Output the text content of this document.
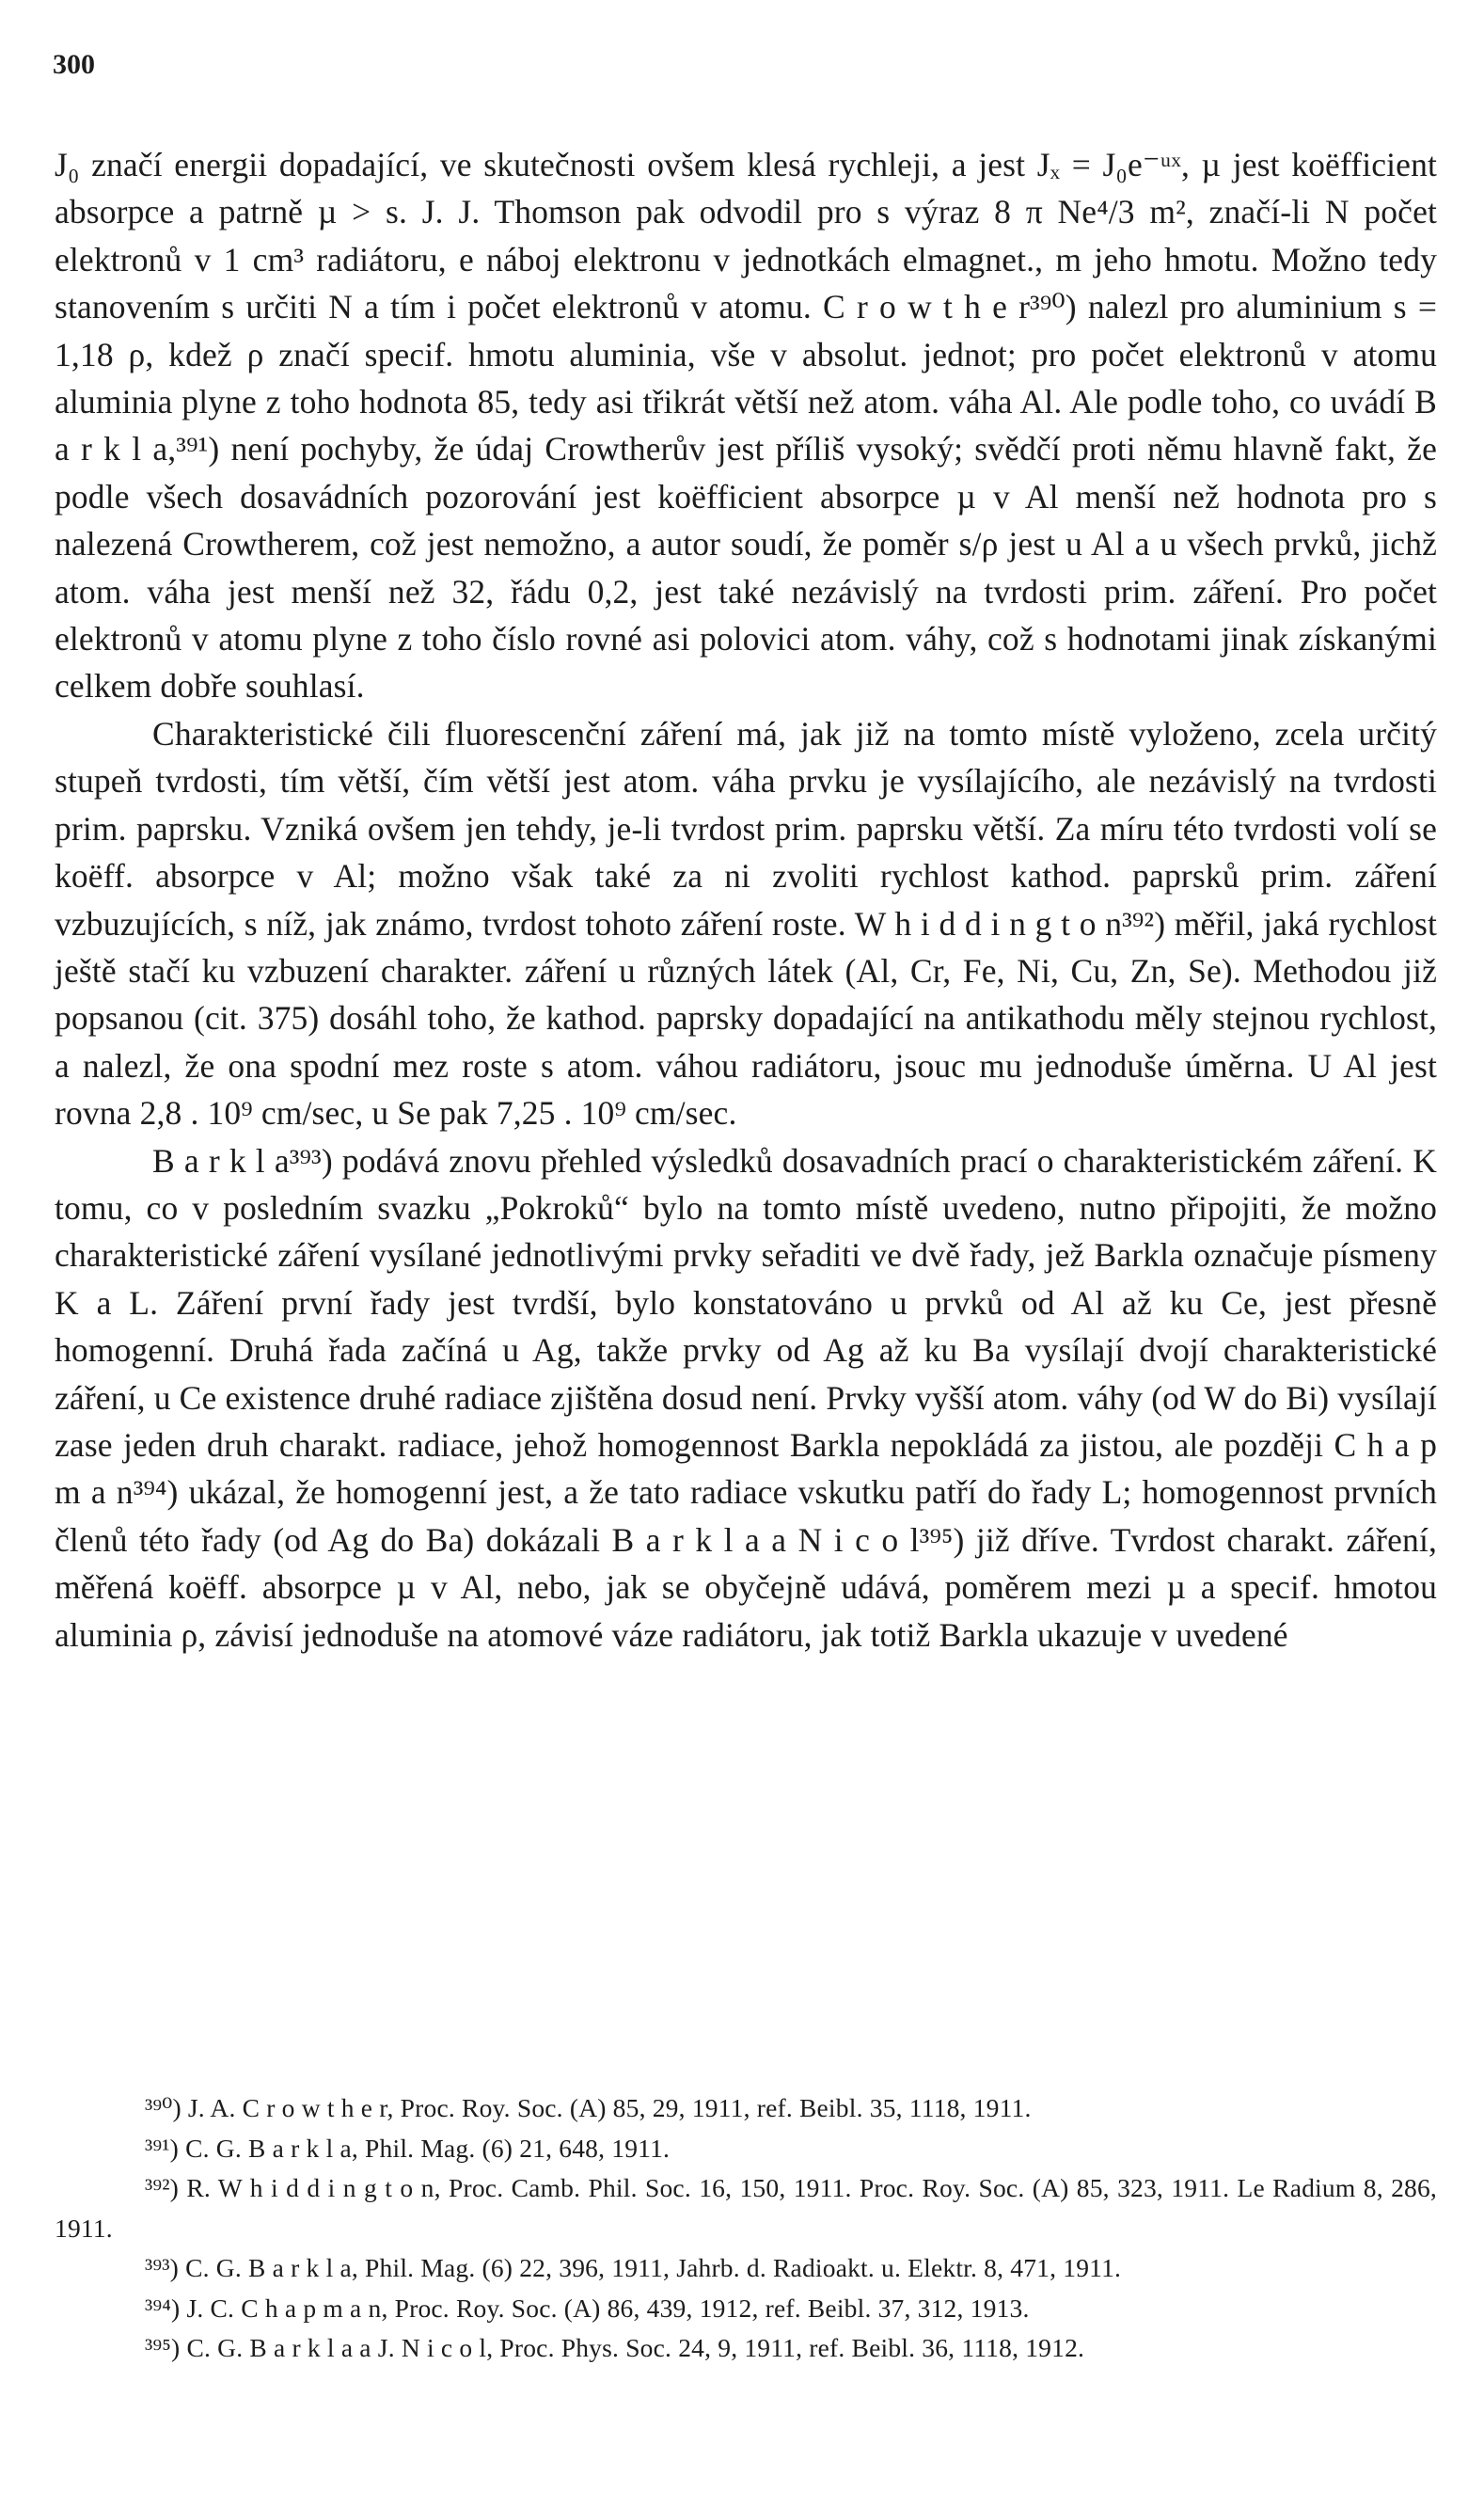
300

J₀ značí energii dopadající, ve skutečnosti ovšem klesá rychleji, a jest Jₓ = J₀e⁻ᵘˣ, µ jest koëfficient absorpce a patrně µ > s. J. J. Thomson pak odvodil pro s výraz 8 π Ne⁴/3 m², značí-li N počet elektronů v 1 cm³ radiátoru, e náboj elektronu v jednotkách elmagnet., m jeho hmotu. Možno tedy stanovením s určiti N a tím i počet elektronů v atomu. C r o w t h e r³⁹⁰) nalezl pro aluminium s = 1,18 ρ, kdež ρ značí specif. hmotu aluminia, vše v absolut. jednot; pro počet elektronů v atomu aluminia plyne z toho hodnota 85, tedy asi třikrát větší než atom. váha Al. Ale podle toho, co uvádí B a r k l a,³⁹¹) není pochyby, že údaj Crowtherův jest příliš vysoký; svědčí proti němu hlavně fakt, že podle všech dosavádních pozorování jest koëfficient absorpce µ v Al menší než hodnota pro s nalezená Crowtherem, což jest nemožno, a autor soudí, že poměr s/ρ jest u Al a u všech prvků, jichž atom. váha jest menší než 32, řádu 0,2, jest také nezávislý na tvrdosti prim. záření. Pro počet elektronů v atomu plyne z toho číslo rovné asi polovici atom. váhy, což s hodnotami jinak získanými celkem dobře souhlasí.

Charakteristické čili fluorescenční záření má, jak již na tomto místě vyloženo, zcela určitý stupeň tvrdosti, tím větší, čím větší jest atom. váha prvku je vysílajícího, ale nezávislý na tvrdosti prim. paprsku. Vzniká ovšem jen tehdy, je-li tvrdost prim. paprsku větší. Za míru této tvrdosti volí se koëff. absorpce v Al; možno však také za ni zvoliti rychlost kathod. paprsků prim. záření vzbuzujících, s níž, jak známo, tvrdost tohoto záření roste. W h i d d i n g t o n³⁹²) měřil, jaká rychlost ještě stačí ku vzbuzení charakter. záření u různých látek (Al, Cr, Fe, Ni, Cu, Zn, Se). Methodou již popsanou (cit. 375) dosáhl toho, že kathod. paprsky dopadající na antikathodu měly stejnou rychlost, a nalezl, že ona spodní mez roste s atom. váhou radiátoru, jsouc mu jednoduše úměrna. U Al jest rovna 2,8 . 10⁹ cm/sec, u Se pak 7,25 . 10⁹ cm/sec.

B a r k l a³⁹³) podává znovu přehled výsledků dosavadních prací o charakteristickém záření. K tomu, co v posledním svazku „Pokroků“ bylo na tomto místě uvedeno, nutno připojiti, že možno charakteristické záření vysílané jednotlivými prvky seřaditi ve dvě řady, jež Barkla označuje písmeny K a L. Záření první řady jest tvrdší, bylo konstatováno u prvků od Al až ku Ce, jest přesně homogenní. Druhá řada začíná u Ag, takže prvky od Ag až ku Ba vysílají dvojí charakteristické záření, u Ce existence druhé radiace zjištěna dosud není. Prvky vyšší atom. váhy (od W do Bi) vysílají zase jeden druh charakt. radiace, jehož homogennost Barkla nepokládá za jistou, ale později C h a p m a n³⁹⁴) ukázal, že homogenní jest, a že tato radiace vskutku patří do řady L; homogennost prvních členů této řady (od Ag do Ba) dokázali B a r k l a a N i c o l³⁹⁵) již dříve. Tvrdost charakt. záření, měřená koëff. absorpce µ v Al, nebo, jak se obyčejně udává, poměrem mezi µ a specif. hmotou aluminia ρ, závisí jednoduše na atomové váze radiátoru, jak totiž Barkla ukazuje v uvedené

³⁹⁰) J. A. C r o w t h e r, Proc. Roy. Soc. (A) 85, 29, 1911, ref. Beibl. 35, 1118, 1911.

³⁹¹) C. G. B a r k l a, Phil. Mag. (6) 21, 648, 1911.

³⁹²) R. W h i d d i n g t o n, Proc. Camb. Phil. Soc. 16, 150, 1911. Proc. Roy. Soc. (A) 85, 323, 1911. Le Radium 8, 286, 1911.

³⁹³) C. G. B a r k l a, Phil. Mag. (6) 22, 396, 1911, Jahrb. d. Radioakt. u. Elektr. 8, 471, 1911.

³⁹⁴) J. C. C h a p m a n, Proc. Roy. Soc. (A) 86, 439, 1912, ref. Beibl. 37, 312, 1913.

³⁹⁵) C. G. B a r k l a a J. N i c o l, Proc. Phys. Soc. 24, 9, 1911, ref. Beibl. 36, 1118, 1912.
